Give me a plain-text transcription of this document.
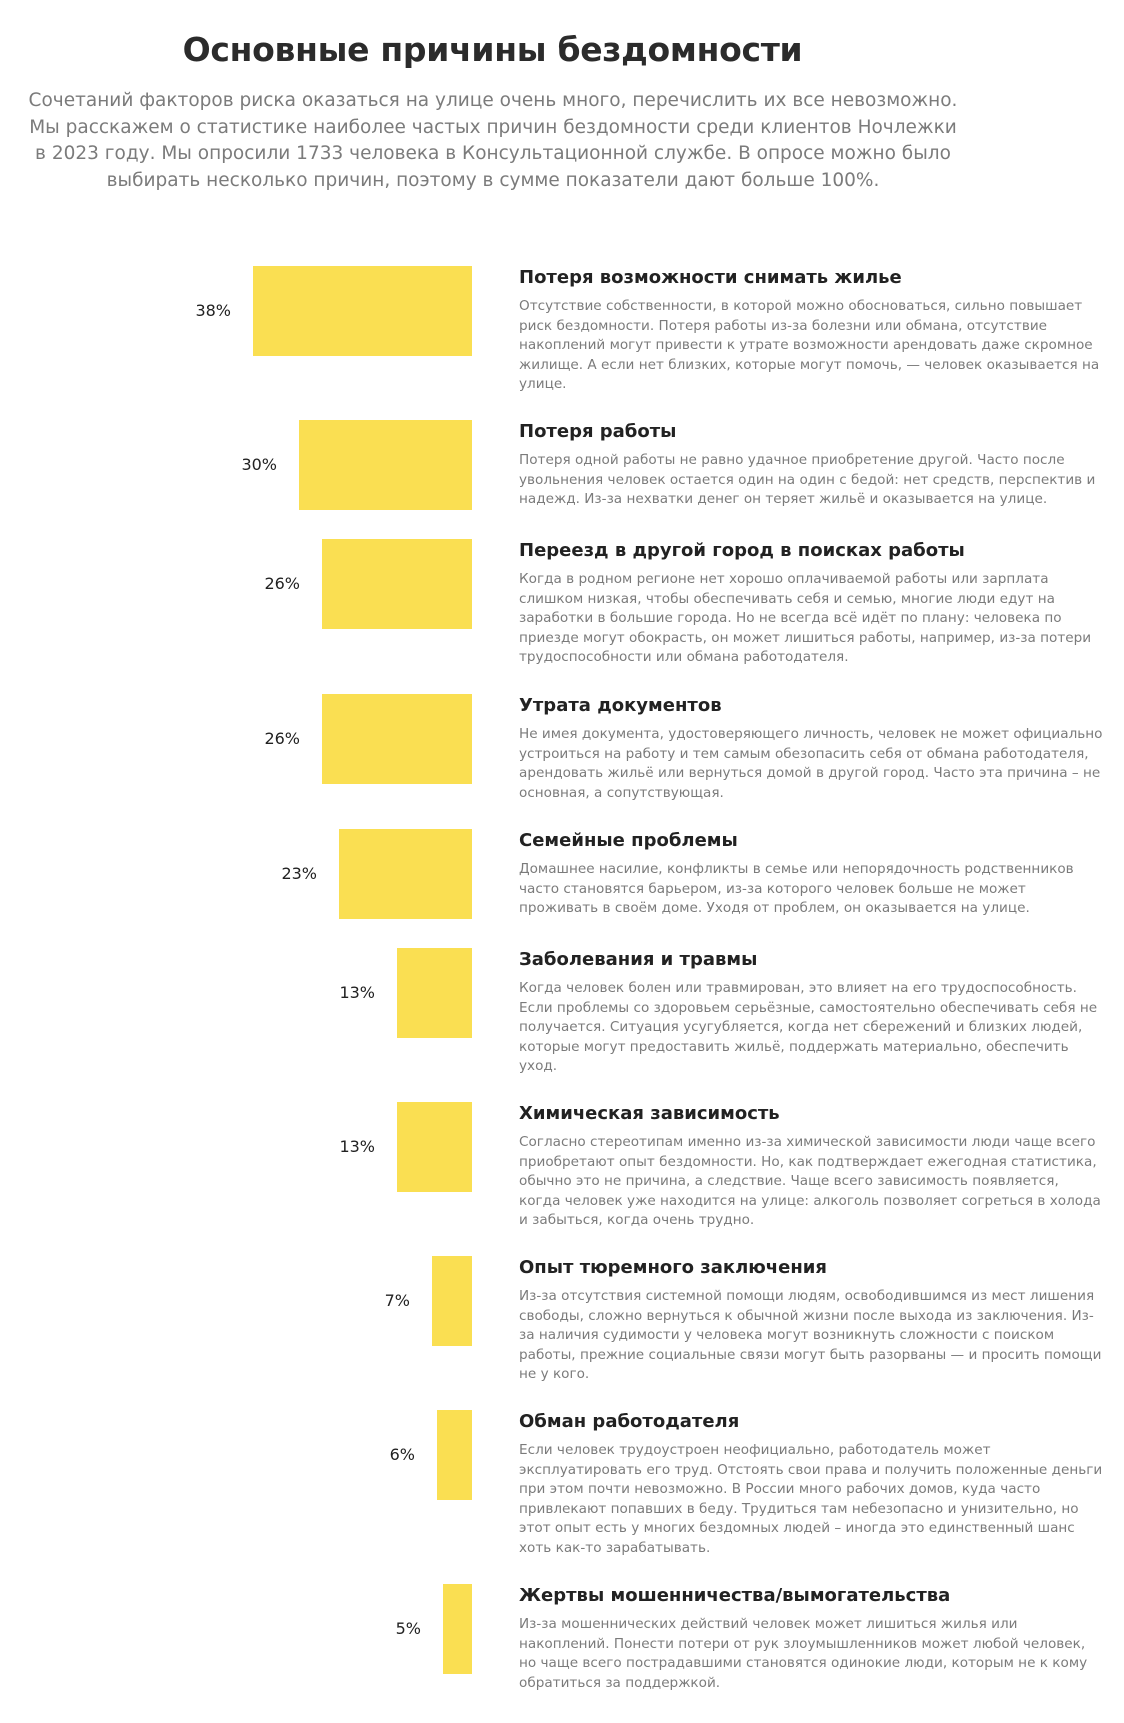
Основные причины бездомности

Сочетаний факторов риска оказаться на улице очень много, перечислить их все невозможно. Мы расскажем о статистике наиболее частых причин бездомности среди клиентов Ночлежки в 2023 году. Мы опросили 1733 человека в Консультационной службе. В опросе можно было выбирать несколько причин, поэтому в сумме показатели дают больше 100%.

38%
Потеря возможности снимать жилье

Отсутствие собственности, в которой можно обосноваться, сильно повышает риск бездомности. Потеря работы из-за болезни или обмана, отсутствие накоплений могут привести к утрате возможности арендовать даже скромное жилище. А если нет близких, которые могут помочь, — человек оказывается на улице.

30%
Потеря работы

Потеря одной работы не равно удачное приобретение другой. Часто после увольнения человек остается один на один с бедой: нет средств, перспектив и надежд. Из-за нехватки денег он теряет жильё и оказывается на улице.

26%
Переезд в другой город в поисках работы

Когда в родном регионе нет хорошо оплачиваемой работы или зарплата слишком низкая, чтобы обеспечивать себя и семью, многие люди едут на заработки в большие города. Но не всегда всё идёт по плану: человека по приезде могут обокрасть, он может лишиться работы, например, из-за потери трудоспособности или обмана работодателя.

26%
Утрата документов

Не имея документа, удостоверяющего личность, человек не может официально устроиться на работу и тем самым обезопасить себя от обмана работодателя, арендовать жильё или вернуться домой в другой город. Часто эта причина – не основная, а сопутствующая.

23%
Семейные проблемы

Домашнее насилие, конфликты в семье или непорядочность родственников часто становятся барьером, из-за которого человек больше не может проживать в своём доме. Уходя от проблем, он оказывается на улице.

13%
Заболевания и травмы

Когда человек болен или травмирован, это влияет на его трудоспособность. Если проблемы со здоровьем серьёзные, самостоятельно обеспечивать себя не получается. Ситуация усугубляется, когда нет сбережений и близких людей, которые могут предоставить жильё, поддержать материально, обеспечить уход.

13%
Химическая зависимость

Согласно стереотипам именно из-за химической зависимости люди чаще всего приобретают опыт бездомности. Но, как подтверждает ежегодная статистика, обычно это не причина, а следствие. Чаще всего зависимость появляется, когда человек уже находится на улице: алкоголь позволяет согреться в холода и забыться, когда очень трудно.

7%
Опыт тюремного заключения

Из-за отсутствия системной помощи людям, освободившимся из мест лишения свободы, сложно вернуться к обычной жизни после выхода из заключения. Из-за наличия судимости у человека могут возникнуть сложности с поиском работы, прежние социальные связи могут быть разорваны — и просить помощи не у кого.

6%
Обман работодателя

Если человек трудоустроен неофициально, работодатель может эксплуатировать его труд. Отстоять свои права и получить положенные деньги при этом почти невозможно. В России много рабочих домов, куда часто привлекают попавших в беду. Трудиться там небезопасно и унизительно, но этот опыт есть у многих бездомных людей – иногда это единственный шанс хоть как-то зарабатывать.

5%
Жертвы мошенничества/вымогательства

Из-за мошеннических действий человек может лишиться жилья или накоплений. Понести потери от рук злоумышленников может любой человек, но чаще всего пострадавшими становятся одинокие люди, которым не к кому обратиться за поддержкой.
